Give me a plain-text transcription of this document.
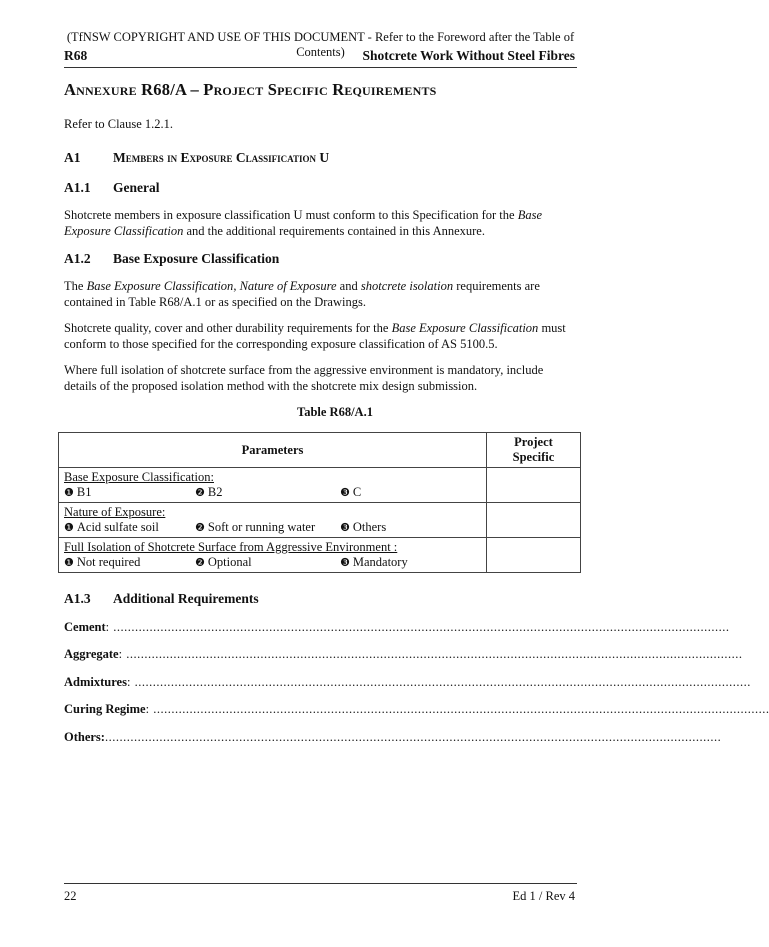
(TfNSW COPYRIGHT AND USE OF THIS DOCUMENT - Refer to the Foreword after the Table of Contents)
R68	Shotcrete Work Without Steel Fibres
Annexure R68/A – Project Specific Requirements
Refer to Clause 1.2.1.
A1 Members in Exposure Classification U
A1.1 General
Shotcrete members in exposure classification U must conform to this Specification for the Base Exposure Classification and the additional requirements contained in this Annexure.
A1.2 Base Exposure Classification
The Base Exposure Classification, Nature of Exposure and shotcrete isolation requirements are contained in Table R68/A.1 or as specified on the Drawings.
Shotcrete quality, cover and other durability requirements for the Base Exposure Classification must conform to those specified for the corresponding exposure classification of AS 5100.5.
Where full isolation of shotcrete surface from the aggressive environment is mandatory, include details of the proposed isolation method with the shotcrete mix design submission.
Table R68/A.1
Parameters	Project Specific

Base Exposure Classification:
❶ B1 ❷ B2 ❸ C	

Nature of Exposure:
❶ Acid sulfate soil ❷ Soft or running water ❸ Others	

Full Isolation of Shotcrete Surface from Aggressive Environment :
❶ Not required ❷ Optional ❸ Mandatory	

A1.3 Additional Requirements
Cement : ..........................................................................................................................................................................
Aggregate : ..........................................................................................................................................................................
Admixtures : ..........................................................................................................................................................................
Curing Regime : ..........................................................................................................................................................................
Others: ..........................................................................................................................................................................
22	Ed 1 / Rev 4
